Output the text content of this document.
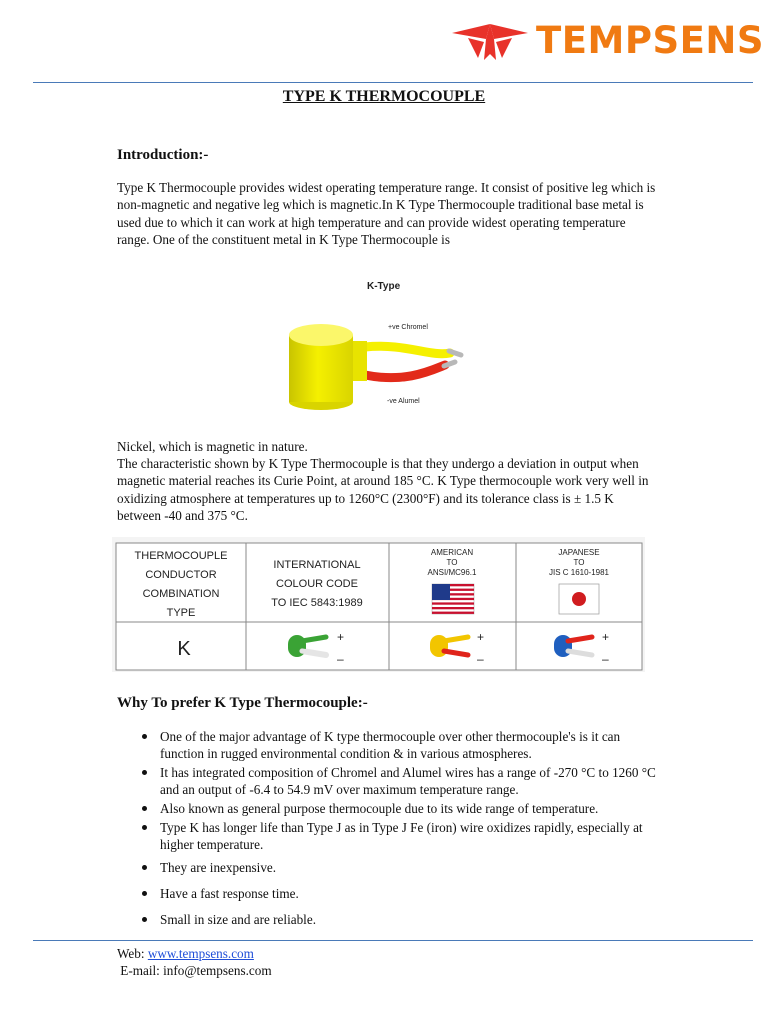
TEMPSENS
TYPE K THERMOCOUPLE
Introduction:-
Type K Thermocouple provides widest operating temperature range. It consist of positive leg which is non-magnetic and negative leg which is magnetic.In K Type Thermocouple traditional base metal is used due to which it can work at high temperature and can provide widest operating temperature range. One of the constituent metal in K Type Thermocouple is
K-Type
+ve Chromel
-ve Alumel
Nickel, which is magnetic in nature.
The characteristic shown by K Type Thermocouple is that they undergo a deviation in output when magnetic material reaches its Curie Point, at around 185 °C. K Type thermocouple work very well in oxidizing atmosphere at temperatures up to 1260°C (2300°F) and its tolerance class is ± 1.5 K between -40 and 375 °C.
THERMOCOUPLE
CONDUCTOR
COMBINATION
TYPE
INTERNATIONAL
COLOUR CODE
TO IEC 5843:1989
AMERICAN
TO
ANSI/MC96.1
JAPANESE
TO
JIS C 1610-1981
K
+
–
+
–
+
–
Why To prefer K Type Thermocouple:-
One of the major advantage of K type thermocouple over other thermocouple's is it can function in rugged environmental condition & in various atmospheres.
It has integrated composition of Chromel and Alumel wires has a range of -270 °C to 1260 °C and an output of -6.4 to 54.9 mV over maximum temperature range.
Also known as general purpose thermocouple due to its wide range of temperature.
Type K has longer life than Type J as in Type J Fe (iron) wire oxidizes rapidly, especially at higher temperature.
They are inexpensive.
Have a fast response time.
Small in size and are reliable.
Web: www.tempsens.com
E-mail: info@tempsens.com
